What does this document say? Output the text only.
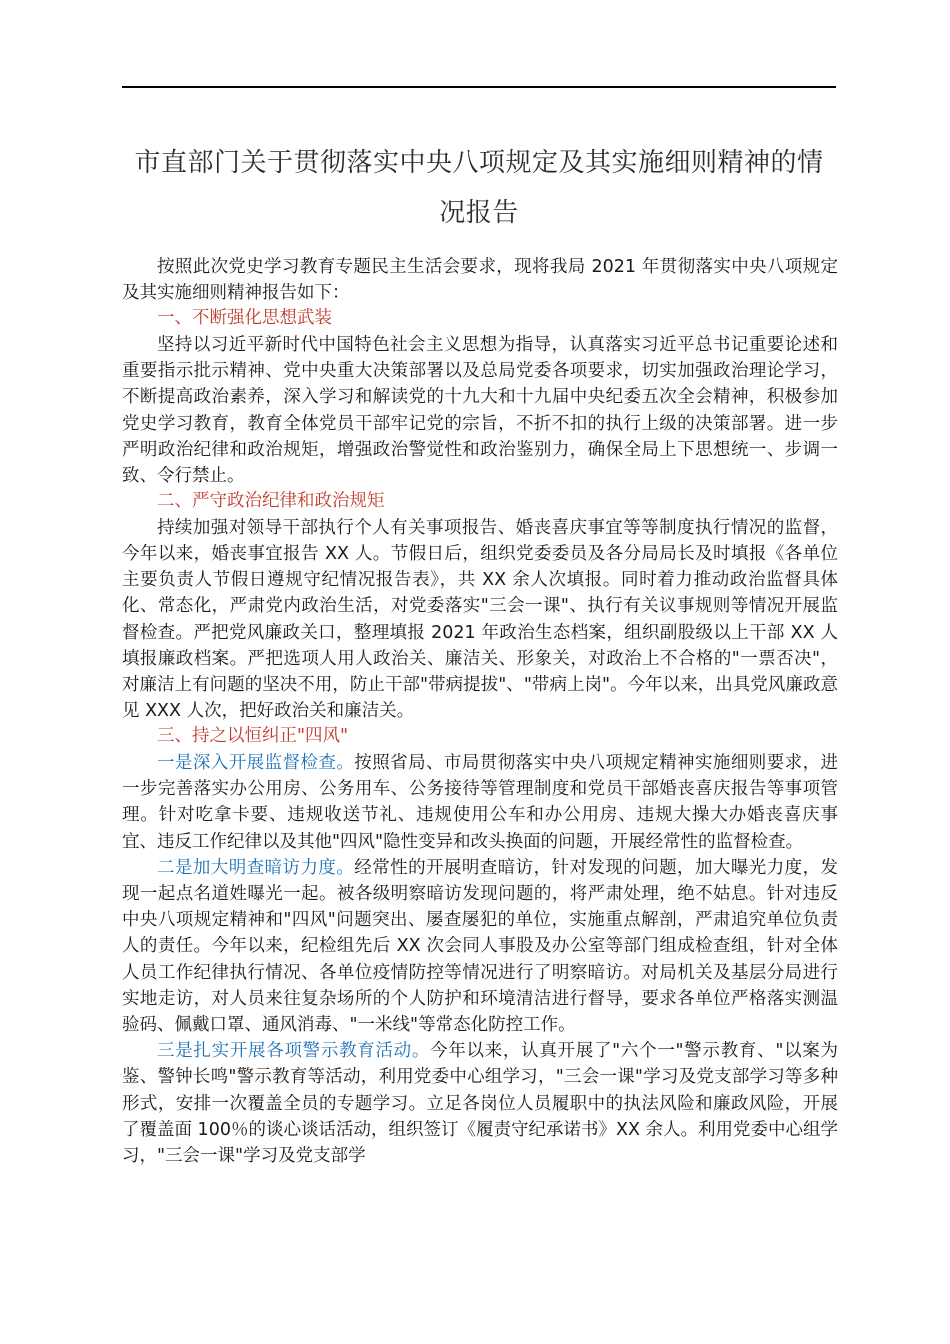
市直部门关于贯彻落实中央八项规定及其实施细则精神的情
况报告

按照此次党史学习教育专题民主生活会要求，现将我局 2021 年贯彻落实中央八项规定及其实施细则精神报告如下：

一、不断强化思想武装

坚持以习近平新时代中国特色社会主义思想为指导，认真落实习近平总书记重要论述和重要指示批示精神、党中央重大决策部署以及总局党委各项要求，切实加强政治理论学习，不断提高政治素养，深入学习和解读党的十九大和十九届中央纪委五次全会精神，积极参加党史学习教育，教育全体党员干部牢记党的宗旨，不折不扣的执行上级的决策部署。进一步严明政治纪律和政治规矩，增强政治警觉性和政治鉴别力，确保全局上下思想统一、步调一致、令行禁止。

二、严守政治纪律和政治规矩

持续加强对领导干部执行个人有关事项报告、婚丧喜庆事宜等等制度执行情况的监督，今年以来，婚丧事宜报告 XX 人。节假日后，组织党委委员及各分局局长及时填报《各单位主要负责人节假日遵规守纪情况报告表》，共 XX 余人次填报。同时着力推动政治监督具体化、常态化，严肃党内政治生活，对党委落实"三会一课"、执行有关议事规则等情况开展监督检查。严把党风廉政关口，整理填报 2021 年政治生态档案，组织副股级以上干部 XX 人填报廉政档案。严把选项人用人政治关、廉洁关、形象关，对政治上不合格的"一票否决"，对廉洁上有问题的坚决不用，防止干部"带病提拔"、"带病上岗"。今年以来，出具党风廉政意见 XXX 人次，把好政治关和廉洁关。

三、持之以恒纠正"四风"

一是深入开展监督检查。按照省局、市局贯彻落实中央八项规定精神实施细则要求，进一步完善落实办公用房、公务用车、公务接待等管理制度和党员干部婚丧喜庆报告等事项管理。针对吃拿卡要、违规收送节礼、违规使用公车和办公用房、违规大操大办婚丧喜庆事宜、违反工作纪律以及其他"四风"隐性变异和改头换面的问题，开展经常性的监督检查。

二是加大明查暗访力度。经常性的开展明查暗访，针对发现的问题，加大曝光力度，发现一起点名道姓曝光一起。被各级明察暗访发现问题的，将严肃处理，绝不姑息。针对违反中央八项规定精神和"四风"问题突出、屡查屡犯的单位，实施重点解剖，严肃追究单位负责人的责任。今年以来，纪检组先后 XX 次会同人事股及办公室等部门组成检查组，针对全体人员工作纪律执行情况、各单位疫情防控等情况进行了明察暗访。对局机关及基层分局进行实地走访，对人员来往复杂场所的个人防护和环境清洁进行督导，要求各单位严格落实测温验码、佩戴口罩、通风消毒、"一米线"等常态化防控工作。

三是扎实开展各项警示教育活动。今年以来，认真开展了"六个一"警示教育、"以案为鉴、警钟长鸣"警示教育等活动，利用党委中心组学习，"三会一课"学习及党支部学习等多种形式，安排一次覆盖全员的专题学习。立足各岗位人员履职中的执法风险和廉政风险，开展了覆盖面 100％的谈心谈话活动，组织签订《履责守纪承诺书》XX 余人。利用党委中心组学习，"三会一课"学习及党支部学
